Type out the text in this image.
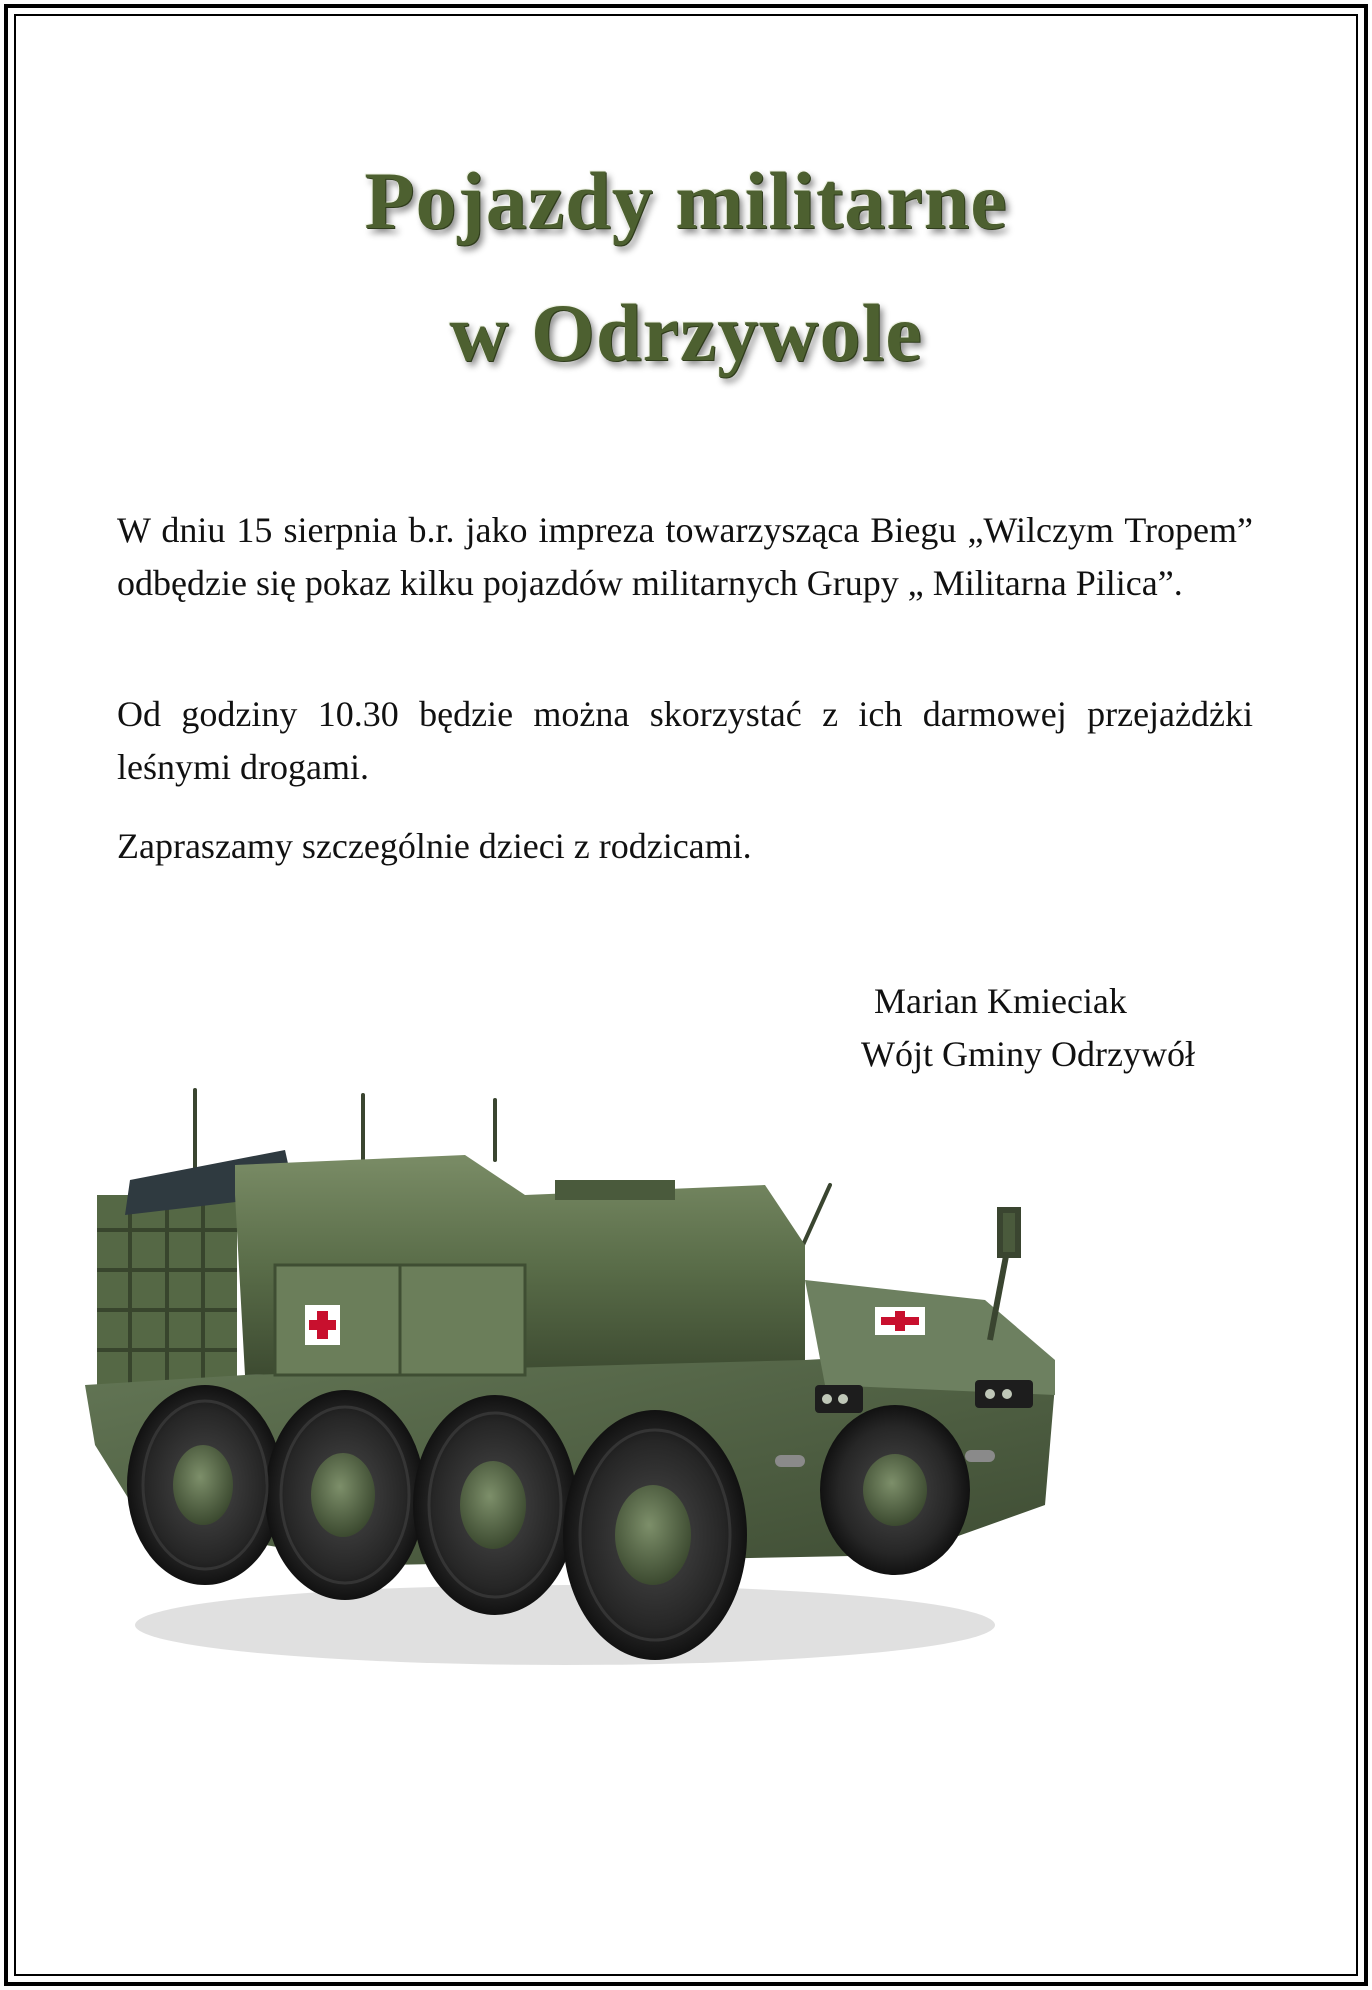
Pojazdy militarne
w Odrzywole

W dniu 15 sierpnia b.r. jako impreza towarzysząca Biegu „Wilczym Tropem” odbędzie się pokaz kilku pojazdów militarnych Grupy „ Militarna Pilica”.

Od godziny 10.30 będzie można skorzystać z ich darmowej przejażdżki leśnymi drogami.

Zapraszamy szczególnie dzieci z rodzicami.

Marian Kmieciak
Wójt Gminy Odrzywół
